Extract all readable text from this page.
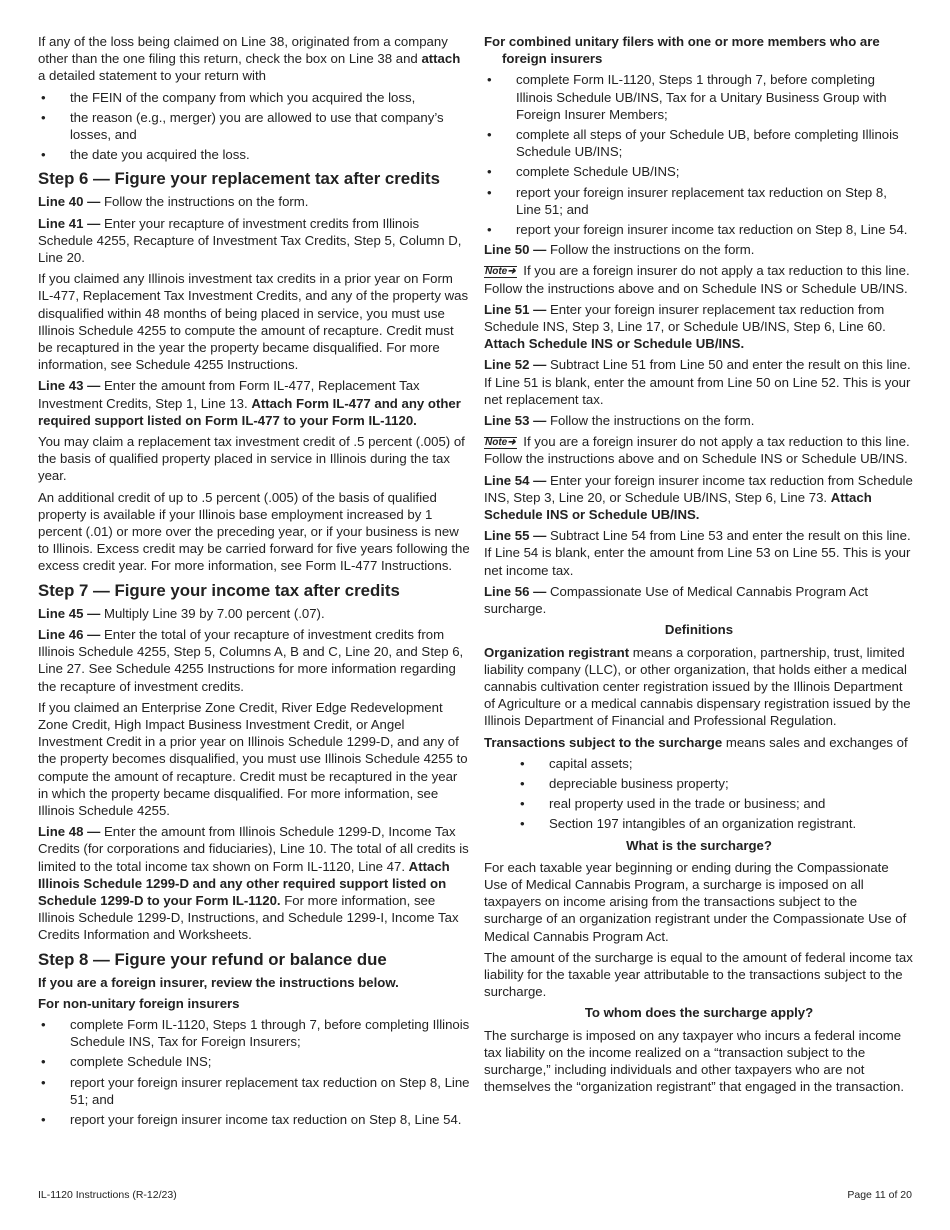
If any of the loss being claimed on Line 38, originated from a company other than the one filing this return, check the box on Line 38 and attach a detailed statement to your return with

• the FEIN of the company from which you acquired the loss,
• the reason (e.g., merger) you are allowed to use that company’s losses, and
• the date you acquired the loss.
Step 6 — Figure your replacement tax after credits

Line 40 — Follow the instructions on the form.

Line 41 — Enter your recapture of investment credits from Illinois Schedule 4255, Recapture of Investment Tax Credits, Step 5, Column D, Line 20.

If you claimed any Illinois investment tax credits in a prior year on Form IL-477, Replacement Tax Investment Credits, and any of the property was disqualified within 48 months of being placed in service, you must use Illinois Schedule 4255 to compute the amount of recapture. Credit must be recaptured in the year the property became disqualified. For more information, see Schedule 4255 Instructions.

Line 43 — Enter the amount from Form IL-477, Replacement Tax Investment Credits, Step 1, Line 13. Attach Form IL-477 and any other required support listed on Form IL-477 to your Form IL-1120.

You may claim a replacement tax investment credit of .5 percent (.005) of the basis of qualified property placed in service in Illinois during the tax year.

An additional credit of up to .5 percent (.005) of the basis of qualified property is available if your Illinois base employment increased by 1 percent (.01) or more over the preceding year, or if your business is new to Illinois. Excess credit may be carried forward for five years following the excess credit year. For more information, see Form IL-477 Instructions.

Step 7 — Figure your income tax after credits

Line 45 — Multiply Line 39 by 7.00 percent (.07).

Line 46 — Enter the total of your recapture of investment credits from Illinois Schedule 4255, Step 5, Columns A, B and C, Line 20, and Step 6, Line 27. See Schedule 4255 Instructions for more information regarding the recapture of investment credits.

If you claimed an Enterprise Zone Credit, River Edge Redevelopment Zone Credit, High Impact Business Investment Credit, or Angel Investment Credit in a prior year on Illinois Schedule 1299-D, and any of the property becomes disqualified, you must use Illinois Schedule 4255 to compute the amount of recapture. Credit must be recaptured in the year in which the property became disqualified. For more information, see Illinois Schedule 4255.

Line 48 — Enter the amount from Illinois Schedule 1299-D, Income Tax Credits (for corporations and fiduciaries), Line 10. The total of all credits is limited to the total income tax shown on Form IL-1120, Line 47. Attach Illinois Schedule 1299-D and any other required support listed on Schedule 1299-D to your Form IL-1120. For more information, see Illinois Schedule 1299-D, Instructions, and Schedule 1299-I, Income Tax Credits Information and Worksheets.

Step 8 — Figure your refund or balance due

If you are a foreign insurer, review the instructions below.

For non-unitary foreign insurers

• complete Form IL-1120, Steps 1 through 7, before completing Illinois Schedule INS, Tax for Foreign Insurers;
• complete Schedule INS;
• report your foreign insurer replacement tax reduction on Step 8, Line 51; and
• report your foreign insurer income tax reduction on Step 8, Line 54.

For combined unitary filers with one or more members who are foreign insurers

• complete Form IL-1120, Steps 1 through 7, before completing Illinois Schedule UB/INS, Tax for a Unitary Business Group with Foreign Insurer Members;
• complete all steps of your Schedule UB, before completing Illinois Schedule UB/INS;
• complete Schedule UB/INS;
• report your foreign insurer replacement tax reduction on Step 8, Line 51; and
• report your foreign insurer income tax reduction on Step 8, Line 54.

Line 50 — Follow the instructions on the form.

Note➜ If you are a foreign insurer do not apply a tax reduction to this line. Follow the instructions above and on Schedule INS or Schedule UB/INS.

Line 51 — Enter your foreign insurer replacement tax reduction from Schedule INS, Step 3, Line 17, or Schedule UB/INS, Step 6, Line 60. Attach Schedule INS or Schedule UB/INS.

Line 52 — Subtract Line 51 from Line 50 and enter the result on this line. If Line 51 is blank, enter the amount from Line 50 on Line 52. This is your net replacement tax.

Line 53 — Follow the instructions on the form.

Note➜ If you are a foreign insurer do not apply a tax reduction to this line. Follow the instructions above and on Schedule INS or Schedule UB/INS.

Line 54 — Enter your foreign insurer income tax reduction from Schedule INS, Step 3, Line 20, or Schedule UB/INS, Step 6, Line 73. Attach Schedule INS or Schedule UB/INS.

Line 55 — Subtract Line 54 from Line 53 and enter the result on this line. If Line 54 is blank, enter the amount from Line 53 on Line 55. This is your net income tax.

Line 56 — Compassionate Use of Medical Cannabis Program Act surcharge.

Definitions

Organization registrant means a corporation, partnership, trust, limited liability company (LLC), or other organization, that holds either a medical cannabis cultivation center registration issued by the Illinois Department of Agriculture or a medical cannabis dispensary registration issued by the Illinois Department of Financial and Professional Regulation.

Transactions subject to the surcharge means sales and exchanges of

• capital assets;
• depreciable business property;
• real property used in the trade or business; and
• Section 197 intangibles of an organization registrant.

What is the surcharge?

For each taxable year beginning or ending during the Compassionate Use of Medical Cannabis Program, a surcharge is imposed on all taxpayers on income arising from the transactions subject to the surcharge of an organization registrant under the Compassionate Use of Medical Cannabis Program Act.

The amount of the surcharge is equal to the amount of federal income tax liability for the taxable year attributable to the transactions subject to the surcharge.

To whom does the surcharge apply?

The surcharge is imposed on any taxpayer who incurs a federal income tax liability on the income realized on a “transaction subject to the surcharge,” including individuals and other taxpayers who are not themselves the “organization registrant” that engaged in the transaction.

IL-1120 Instructions (R-12/23)	Page 11 of 20
